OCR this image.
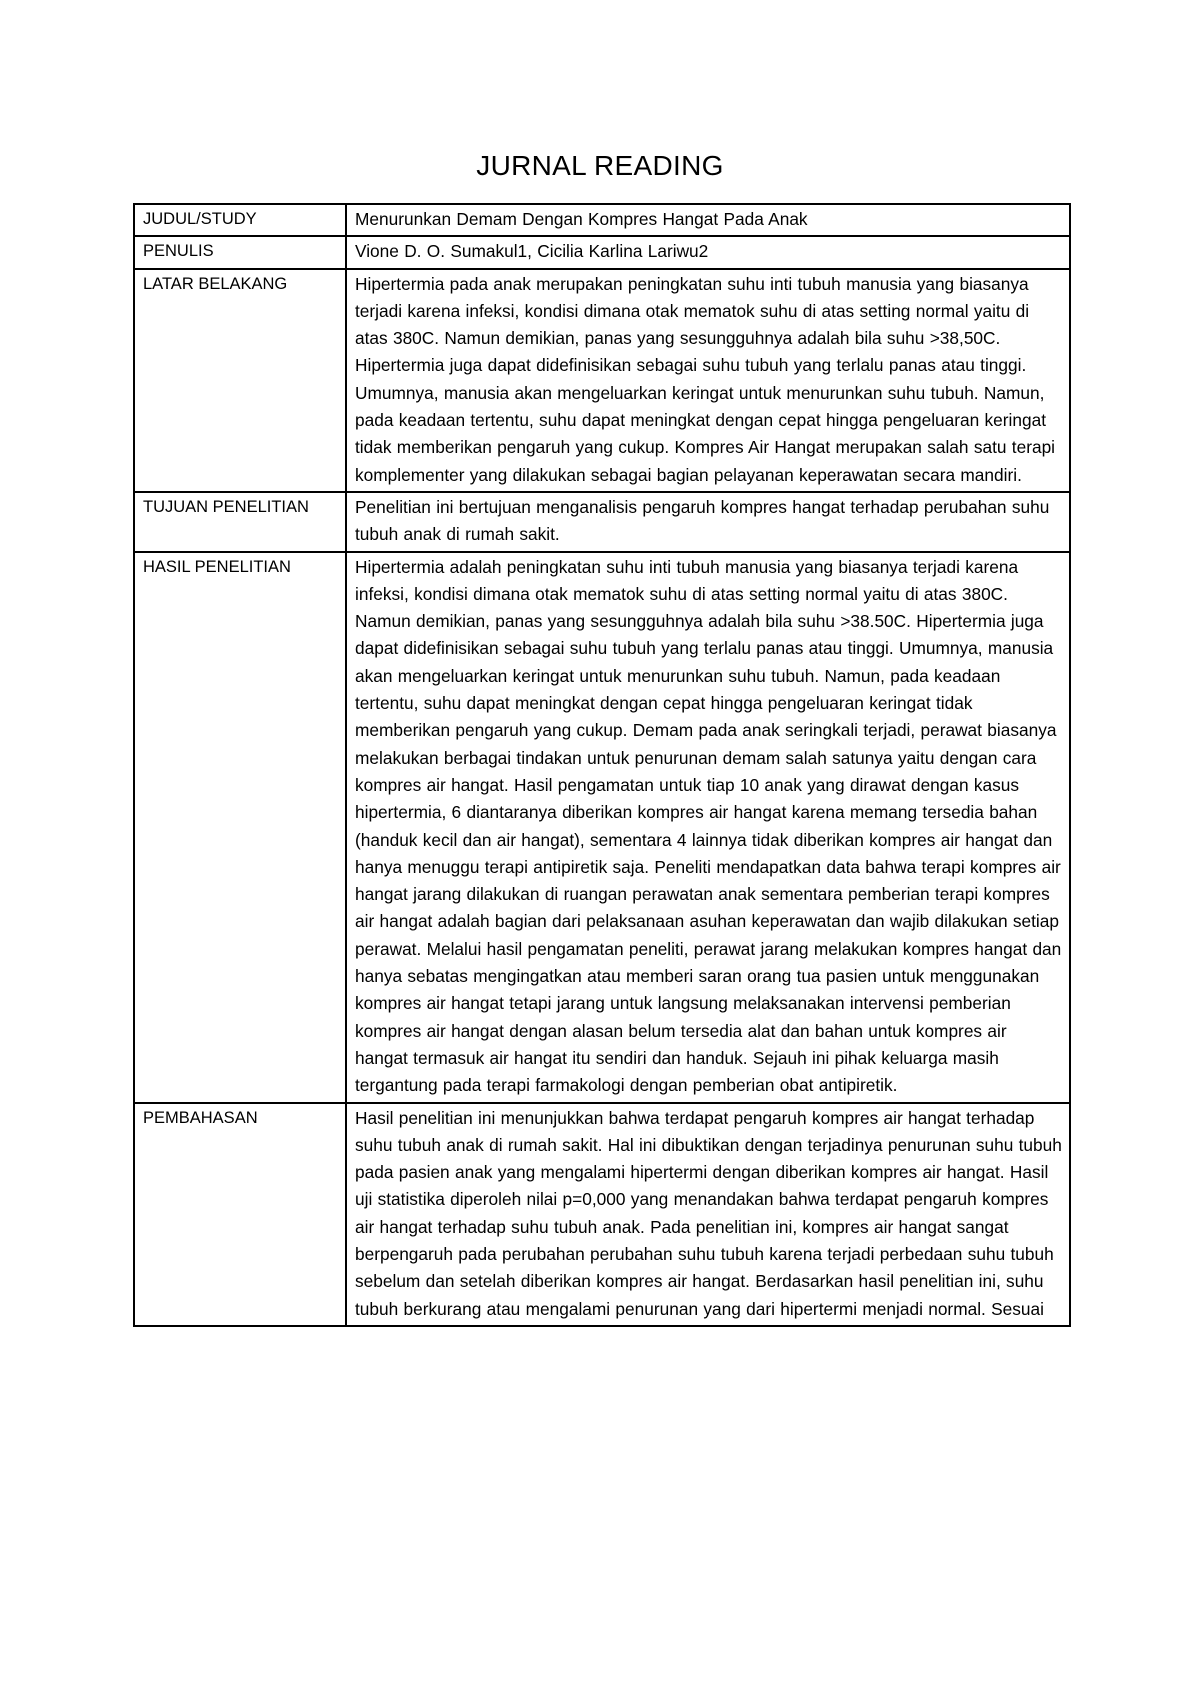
JURNAL READING
JUDUL/STUDY	Menurunkan Demam Dengan Kompres Hangat Pada Anak
PENULIS	Vione D. O. Sumakul1, Cicilia Karlina Lariwu2
LATAR BELAKANG	Hipertermia pada anak merupakan peningkatan suhu inti tubuh manusia yang biasanya terjadi karena infeksi, kondisi dimana otak mematok suhu di atas setting normal yaitu di atas 380C. Namun demikian, panas yang sesungguhnya adalah bila suhu >38,50C. Hipertermia juga dapat didefinisikan sebagai suhu tubuh yang terlalu panas atau tinggi. Umumnya, manusia akan mengeluarkan keringat untuk menurunkan suhu tubuh. Namun, pada keadaan tertentu, suhu dapat meningkat dengan cepat hingga pengeluaran keringat tidak memberikan pengaruh yang cukup. Kompres Air Hangat merupakan salah satu terapi komplementer yang dilakukan sebagai bagian pelayanan keperawatan secara mandiri.
TUJUAN PENELITIAN	Penelitian ini bertujuan menganalisis pengaruh kompres hangat terhadap perubahan suhu tubuh anak di rumah sakit.
HASIL PENELITIAN	Hipertermia adalah peningkatan suhu inti tubuh manusia yang biasanya terjadi karena infeksi, kondisi dimana otak mematok suhu di atas setting normal yaitu di atas 380C. Namun demikian, panas yang sesungguhnya adalah bila suhu >38.50C. Hipertermia juga dapat didefinisikan sebagai suhu tubuh yang terlalu panas atau tinggi. Umumnya, manusia akan mengeluarkan keringat untuk menurunkan suhu tubuh. Namun, pada keadaan tertentu, suhu dapat meningkat dengan cepat hingga pengeluaran keringat tidak memberikan pengaruh yang cukup. Demam pada anak seringkali terjadi, perawat biasanya melakukan berbagai tindakan untuk penurunan demam salah satunya yaitu dengan cara kompres air hangat. Hasil pengamatan untuk tiap 10 anak yang dirawat dengan kasus hipertermia, 6 diantaranya diberikan kompres air hangat karena memang tersedia bahan (handuk kecil dan air hangat), sementara 4 lainnya tidak diberikan kompres air hangat dan hanya menuggu terapi antipiretik saja. Peneliti mendapatkan data bahwa terapi kompres air hangat jarang dilakukan di ruangan perawatan anak sementara pemberian terapi kompres air hangat adalah bagian dari pelaksanaan asuhan keperawatan dan wajib dilakukan setiap perawat. Melalui hasil pengamatan peneliti, perawat jarang melakukan kompres hangat dan hanya sebatas mengingatkan atau memberi saran orang tua pasien untuk menggunakan kompres air hangat tetapi jarang untuk langsung melaksanakan intervensi pemberian kompres air hangat dengan alasan belum tersedia alat dan bahan untuk kompres air hangat termasuk air hangat itu sendiri dan handuk. Sejauh ini pihak keluarga masih tergantung pada terapi farmakologi dengan pemberian obat antipiretik.
PEMBAHASAN	Hasil penelitian ini menunjukkan bahwa terdapat pengaruh kompres air hangat terhadap suhu tubuh anak di rumah sakit. Hal ini dibuktikan dengan terjadinya penurunan suhu tubuh pada pasien anak yang mengalami hipertermi dengan diberikan kompres air hangat. Hasil uji statistika diperoleh nilai p=0,000 yang menandakan bahwa terdapat pengaruh kompres air hangat terhadap suhu tubuh anak. Pada penelitian ini, kompres air hangat sangat berpengaruh pada perubahan perubahan suhu tubuh karena terjadi perbedaan suhu tubuh sebelum dan setelah diberikan kompres air hangat. Berdasarkan hasil penelitian ini, suhu tubuh berkurang atau mengalami penurunan yang dari hipertermi menjadi normal. Sesuai
